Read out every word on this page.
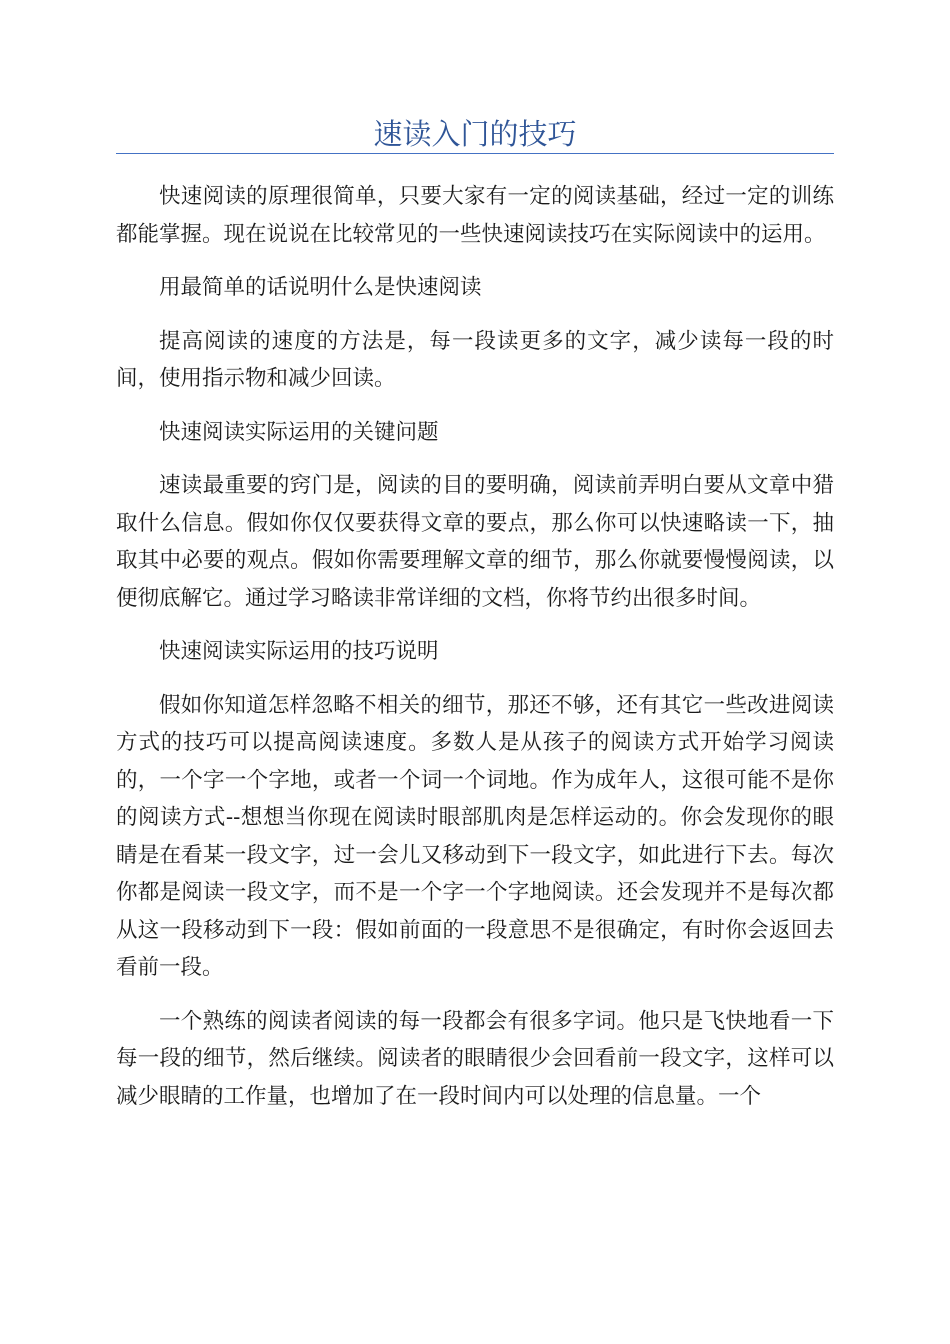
速读入门的技巧

快速阅读的原理很简单，只要大家有一定的阅读基础，经过一定的训练都能掌握。现在说说在比较常见的一些快速阅读技巧在实际阅读中的运用。

用最简单的话说明什么是快速阅读

提高阅读的速度的方法是，每一段读更多的文字，减少读每一段的时间，使用指示物和减少回读。

快速阅读实际运用的关键问题

速读最重要的窍门是，阅读的目的要明确，阅读前弄明白要从文章中猎取什么信息。假如你仅仅要获得文章的要点，那么你可以快速略读一下，抽取其中必要的观点。假如你需要理解文章的细节，那么你就要慢慢阅读，以便彻底解它。通过学习略读非常详细的文档，你将节约出很多时间。

快速阅读实际运用的技巧说明

假如你知道怎样忽略不相关的细节，那还不够，还有其它一些改进阅读方式的技巧可以提高阅读速度。多数人是从孩子的阅读方式开始学习阅读的，一个字一个字地，或者一个词一个词地。作为成年人，这很可能不是你的阅读方式--想想当你现在阅读时眼部肌肉是怎样运动的。你会发现你的眼睛是在看某一段文字，过一会儿又移动到下一段文字，如此进行下去。每次你都是阅读一段文字，而不是一个字一个字地阅读。还会发现并不是每次都从这一段移动到下一段：假如前面的一段意思不是很确定，有时你会返回去看前一段。

一个熟练的阅读者阅读的每一段都会有很多字词。他只是飞快地看一下每一段的细节，然后继续。阅读者的眼睛很少会回看前一段文字，这样可以减少眼睛的工作量，也增加了在一段时间内可以处理的信息量。一个
